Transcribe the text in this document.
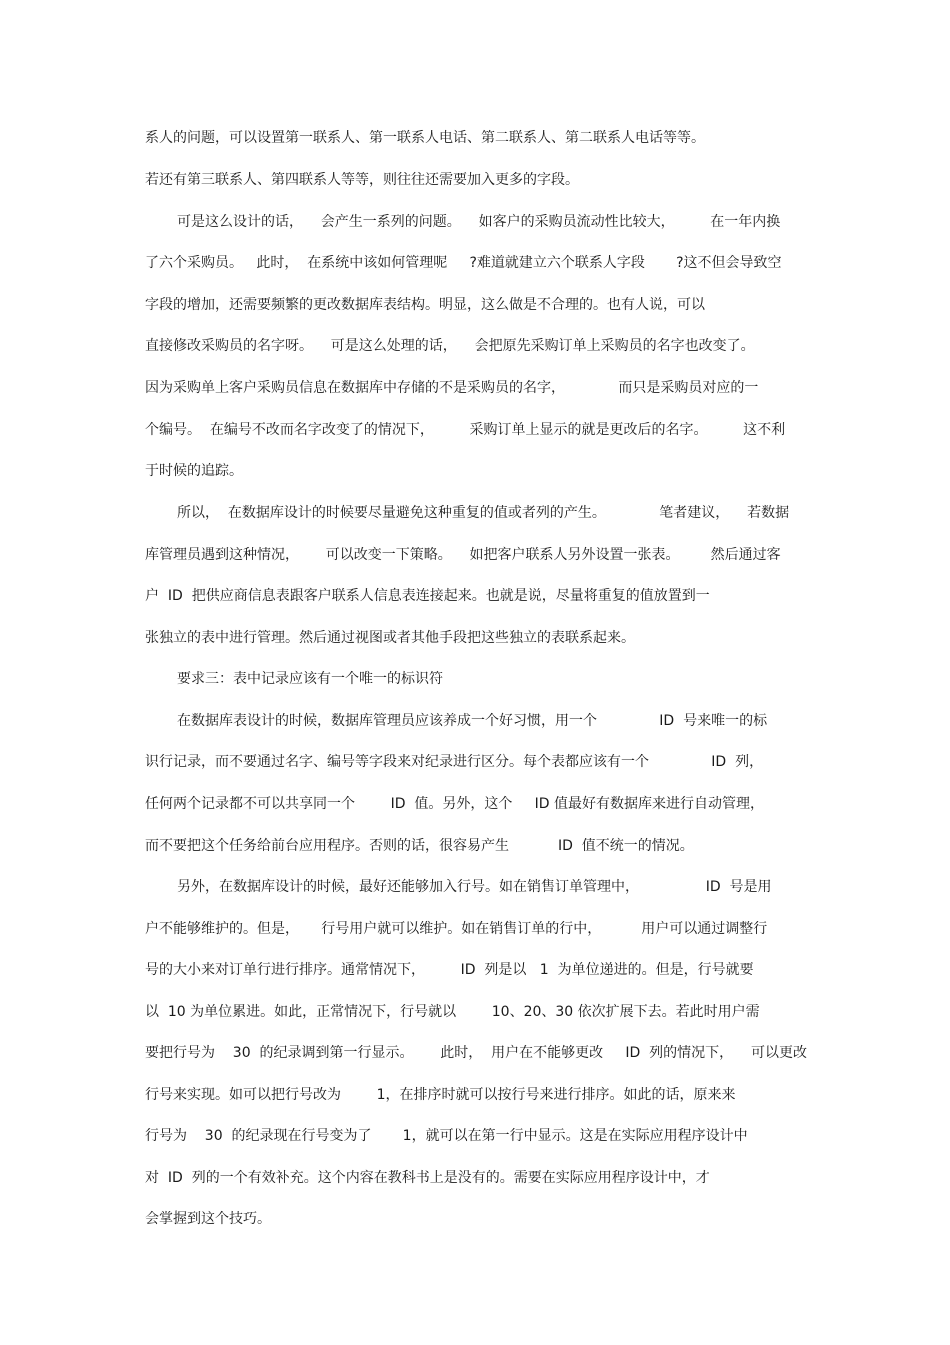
系人的问题，可以设置第一联系人、第一联系人电话、第二联系人、第二联系人电话等等。
若还有第三联系人、第四联系人等等，则往往还需要加入更多的字段。
可是这么设计的话，    会产生一系列的问题。    如客户的采购员流动性比较大，        在一年内换
了六个采购员。   此时，  在系统中该如何管理呢     ?难道就建立六个联系人字段       ?这不但会导致空
字段的增加，还需要频繁的更改数据库表结构。明显，这么做是不合理的。也有人说，可以
直接修改采购员的名字呀。    可是这么处理的话，    会把原先采购订单上采购员的名字也改变了。
因为采购单上客户采购员信息在数据库中存储的不是采购员的名字，            而只是采购员对应的一
个编号。  在编号不改而名字改变了的情况下，        采购订单上显示的就是更改后的名字。        这不利
于时候的追踪。
所以，  在数据库设计的时候要尽量避免这种重复的值或者列的产生。            笔者建议，    若数据
库管理员遇到这种情况，      可以改变一下策略。    如把客户联系人另外设置一张表。       然后通过客
户  ID  把供应商信息表跟客户联系人信息表连接起来。也就是说，尽量将重复的值放置到一
张独立的表中进行管理。然后通过视图或者其他手段把这些独立的表联系起来。
要求三：表中记录应该有一个唯一的标识符
在数据库表设计的时候，数据库管理员应该养成一个好习惯，用一个              ID  号来唯一的标
识行记录，而不要通过名字、编号等字段来对纪录进行区分。每个表都应该有一个              ID  列，
任何两个记录都不可以共享同一个        ID  值。另外，这个     ID 值最好有数据库来进行自动管理，
而不要把这个任务给前台应用程序。否则的话，很容易产生           ID  值不统一的情况。
另外，在数据库设计的时候，最好还能够加入行号。如在销售订单管理中，               ID  号是用
户不能够维护的。但是，     行号用户就可以维护。如在销售订单的行中，         用户可以通过调整行
号的大小来对订单行进行排序。通常情况下，        ID  列是以   1  为单位递进的。但是，行号就要
以  10 为单位累进。如此，正常情况下，行号就以        10、20、30 依次扩展下去。若此时用户需
要把行号为    30  的纪录调到第一行显示。      此时，  用户在不能够更改     ID  列的情况下，    可以更改
行号来实现。如可以把行号改为        1，在排序时就可以按行号来进行排序。如此的话，原来来
行号为    30  的纪录现在行号变为了       1，就可以在第一行中显示。这是在实际应用程序设计中
对  ID  列的一个有效补充。这个内容在教科书上是没有的。需要在实际应用程序设计中，才
会掌握到这个技巧。
